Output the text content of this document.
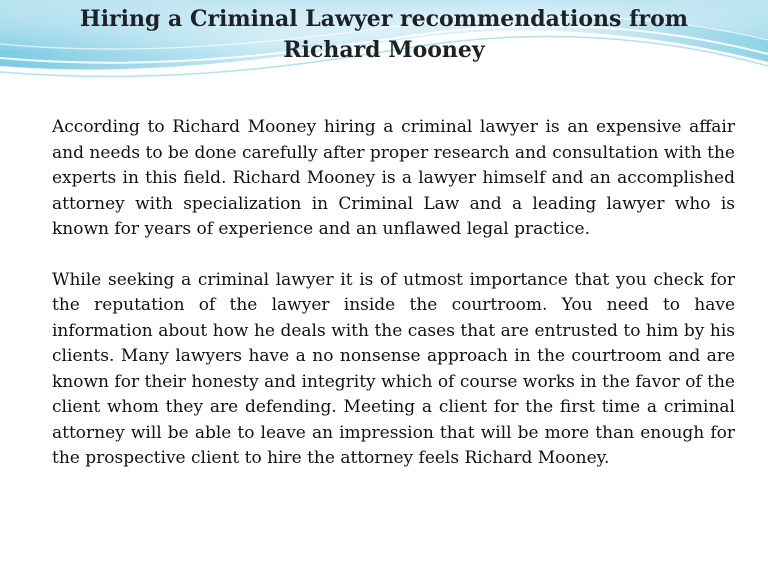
Hiring a Criminal Lawyer recommendations from Richard Mooney

According to Richard Mooney hiring a criminal lawyer is an expensive affair and needs to be done carefully after proper research and consultation with the experts in this field. Richard Mooney is a lawyer himself and an accomplished attorney with specialization in Criminal Law and a leading lawyer who is known for years of experience and an unflawed legal practice.

While seeking a criminal lawyer it is of utmost importance that you check for the reputation of the lawyer inside the courtroom. You need to have information about how he deals with the cases that are entrusted to him by his clients. Many lawyers have a no nonsense approach in the courtroom and are known for their honesty and integrity which of course works in the favor of the client whom they are defending. Meeting a client for the first time a criminal attorney will be able to leave an impression that will be more than enough for the prospective client to hire the attorney feels Richard Mooney.
